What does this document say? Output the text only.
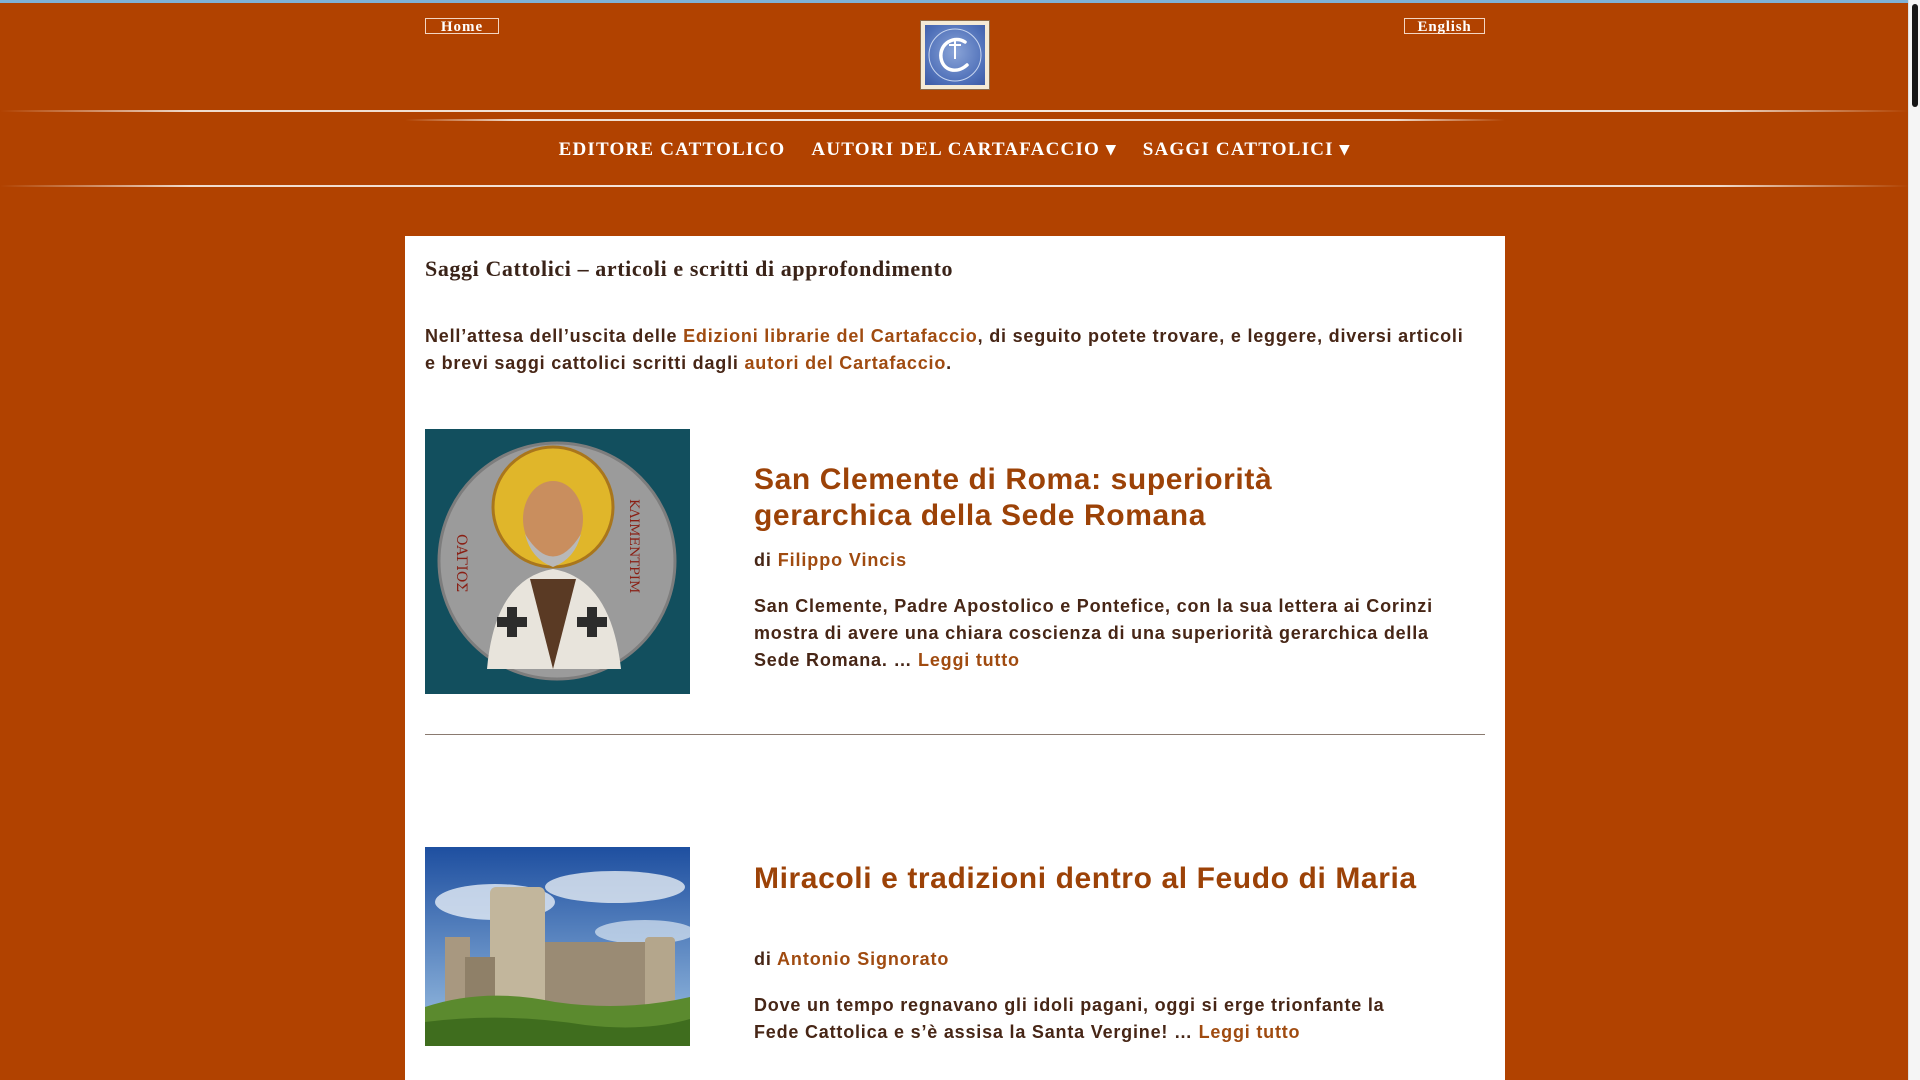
Home	English
EDITORE CATTOLICO AUTORI DEL CARTAFACCIO ▾ SAGGI CATTOLICI ▾
Saggi Cattolici – articoli e scritti di approfondimento

Nell’attesa dell’uscita delle Edizioni librarie del Cartafaccio, di seguito potete trovare, e leggere, diversi articoli e brevi saggi cattolici scritti dagli autori del Cartafaccio.

ΟΑΓΙΟΣ	ΚΛΙΜΕΝΤΡΙΜ
San Clemente di Roma: superiorità gerarchica della Sede Romana
di Filippo Vincis

San Clemente, Padre Apostolico e Pontefice, con la sua lettera ai Corinzi mostra di avere una chiara coscienza di una superiorità gerarchica della Sede Romana. … Leggi tutto

Miracoli e tradizioni dentro al Feudo di Maria
di Antonio Signorato

Dove un tempo regnavano gli idoli pagani, oggi si erge trionfante la Fede Cattolica e s’è assisa la Santa Vergine! … Leggi tutto
